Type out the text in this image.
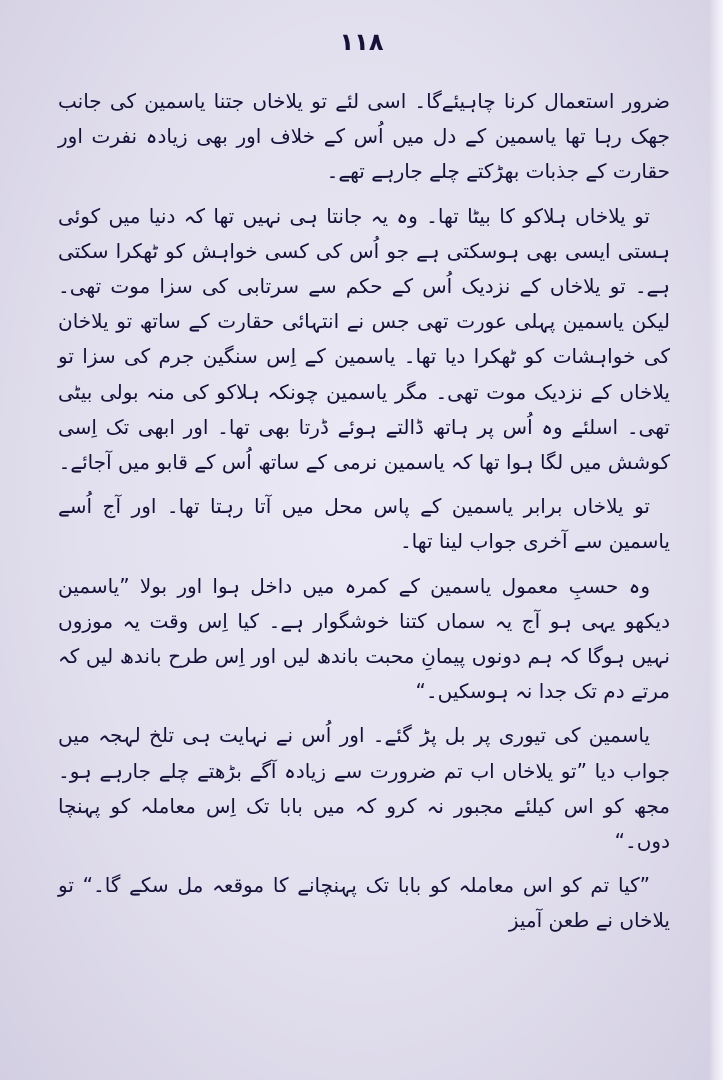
۱۱۸

ضرور استعمال کرنا چاہیئےگا۔ اسی لئے تو یلاخاں جتنا یاسمین کی جانب جھک رہا تھا یاسمین کے دل میں اُس کے خلاف اور بھی زیادہ نفرت اور حقارت کے جذبات بھڑکتے چلے جارہے تھے۔

تو یلاخاں ہلاکو کا بیٹا تھا۔ وہ یہ جانتا ہی نہیں تھا کہ دنیا میں کوئی ہستی ایسی بھی ہوسکتی ہے جو اُس کی کسی خواہش کو ٹھکرا سکتی ہے۔ تو یلاخاں کے نزدیک اُس کے حکم سے سرتابی کی سزا موت تھی۔ لیکن یاسمین پہلی عورت تھی جس نے انتہائی حقارت کے ساتھ تو یلاخان کی خواہشات کو ٹھکرا دیا تھا۔ یاسمین کے اِس سنگین جرم کی سزا تو یلاخاں کے نزدیک موت تھی۔ مگر یاسمین چونکہ ہلاکو کی منہ بولی بیٹی تھی۔ اسلئے وہ اُس پر ہاتھ ڈالتے ہوئے ڈرتا بھی تھا۔ اور ابھی تک اِسی کوشش میں لگا ہوا تھا کہ یاسمین نرمی کے ساتھ اُس کے قابو میں آجائے۔

تو یلاخاں برابر یاسمین کے پاس محل میں آتا رہتا تھا۔ اور آج اُسے یاسمین سے آخری جواب لینا تھا۔

وہ حسبِ معمول یاسمین کے کمرہ میں داخل ہوا اور بولا ”یاسمین دیکھو یہی ہو آج یہ سماں کتنا خوشگوار ہے۔ کیا اِس وقت یہ موزوں نہیں ہوگا کہ ہم دونوں پیمانِ محبت باندھ لیں اور اِس طرح باندھ لیں کہ مرتے دم تک جدا نہ ہوسکیں۔“

یاسمین کی تیوری پر بل پڑ گئے۔ اور اُس نے نہایت ہی تلخ لہجہ میں جواب دیا ”تو یلاخاں اب تم ضرورت سے زیادہ آگے بڑھتے چلے جارہے ہو۔ مجھ کو اس کیلئے مجبور نہ کرو کہ میں بابا تک اِس معاملہ کو پہنچا دوں۔“

”کیا تم کو اس معاملہ کو بابا تک پہنچانے کا موقعہ مل سکے گا۔“ تو یلاخاں نے طعن آمیز
